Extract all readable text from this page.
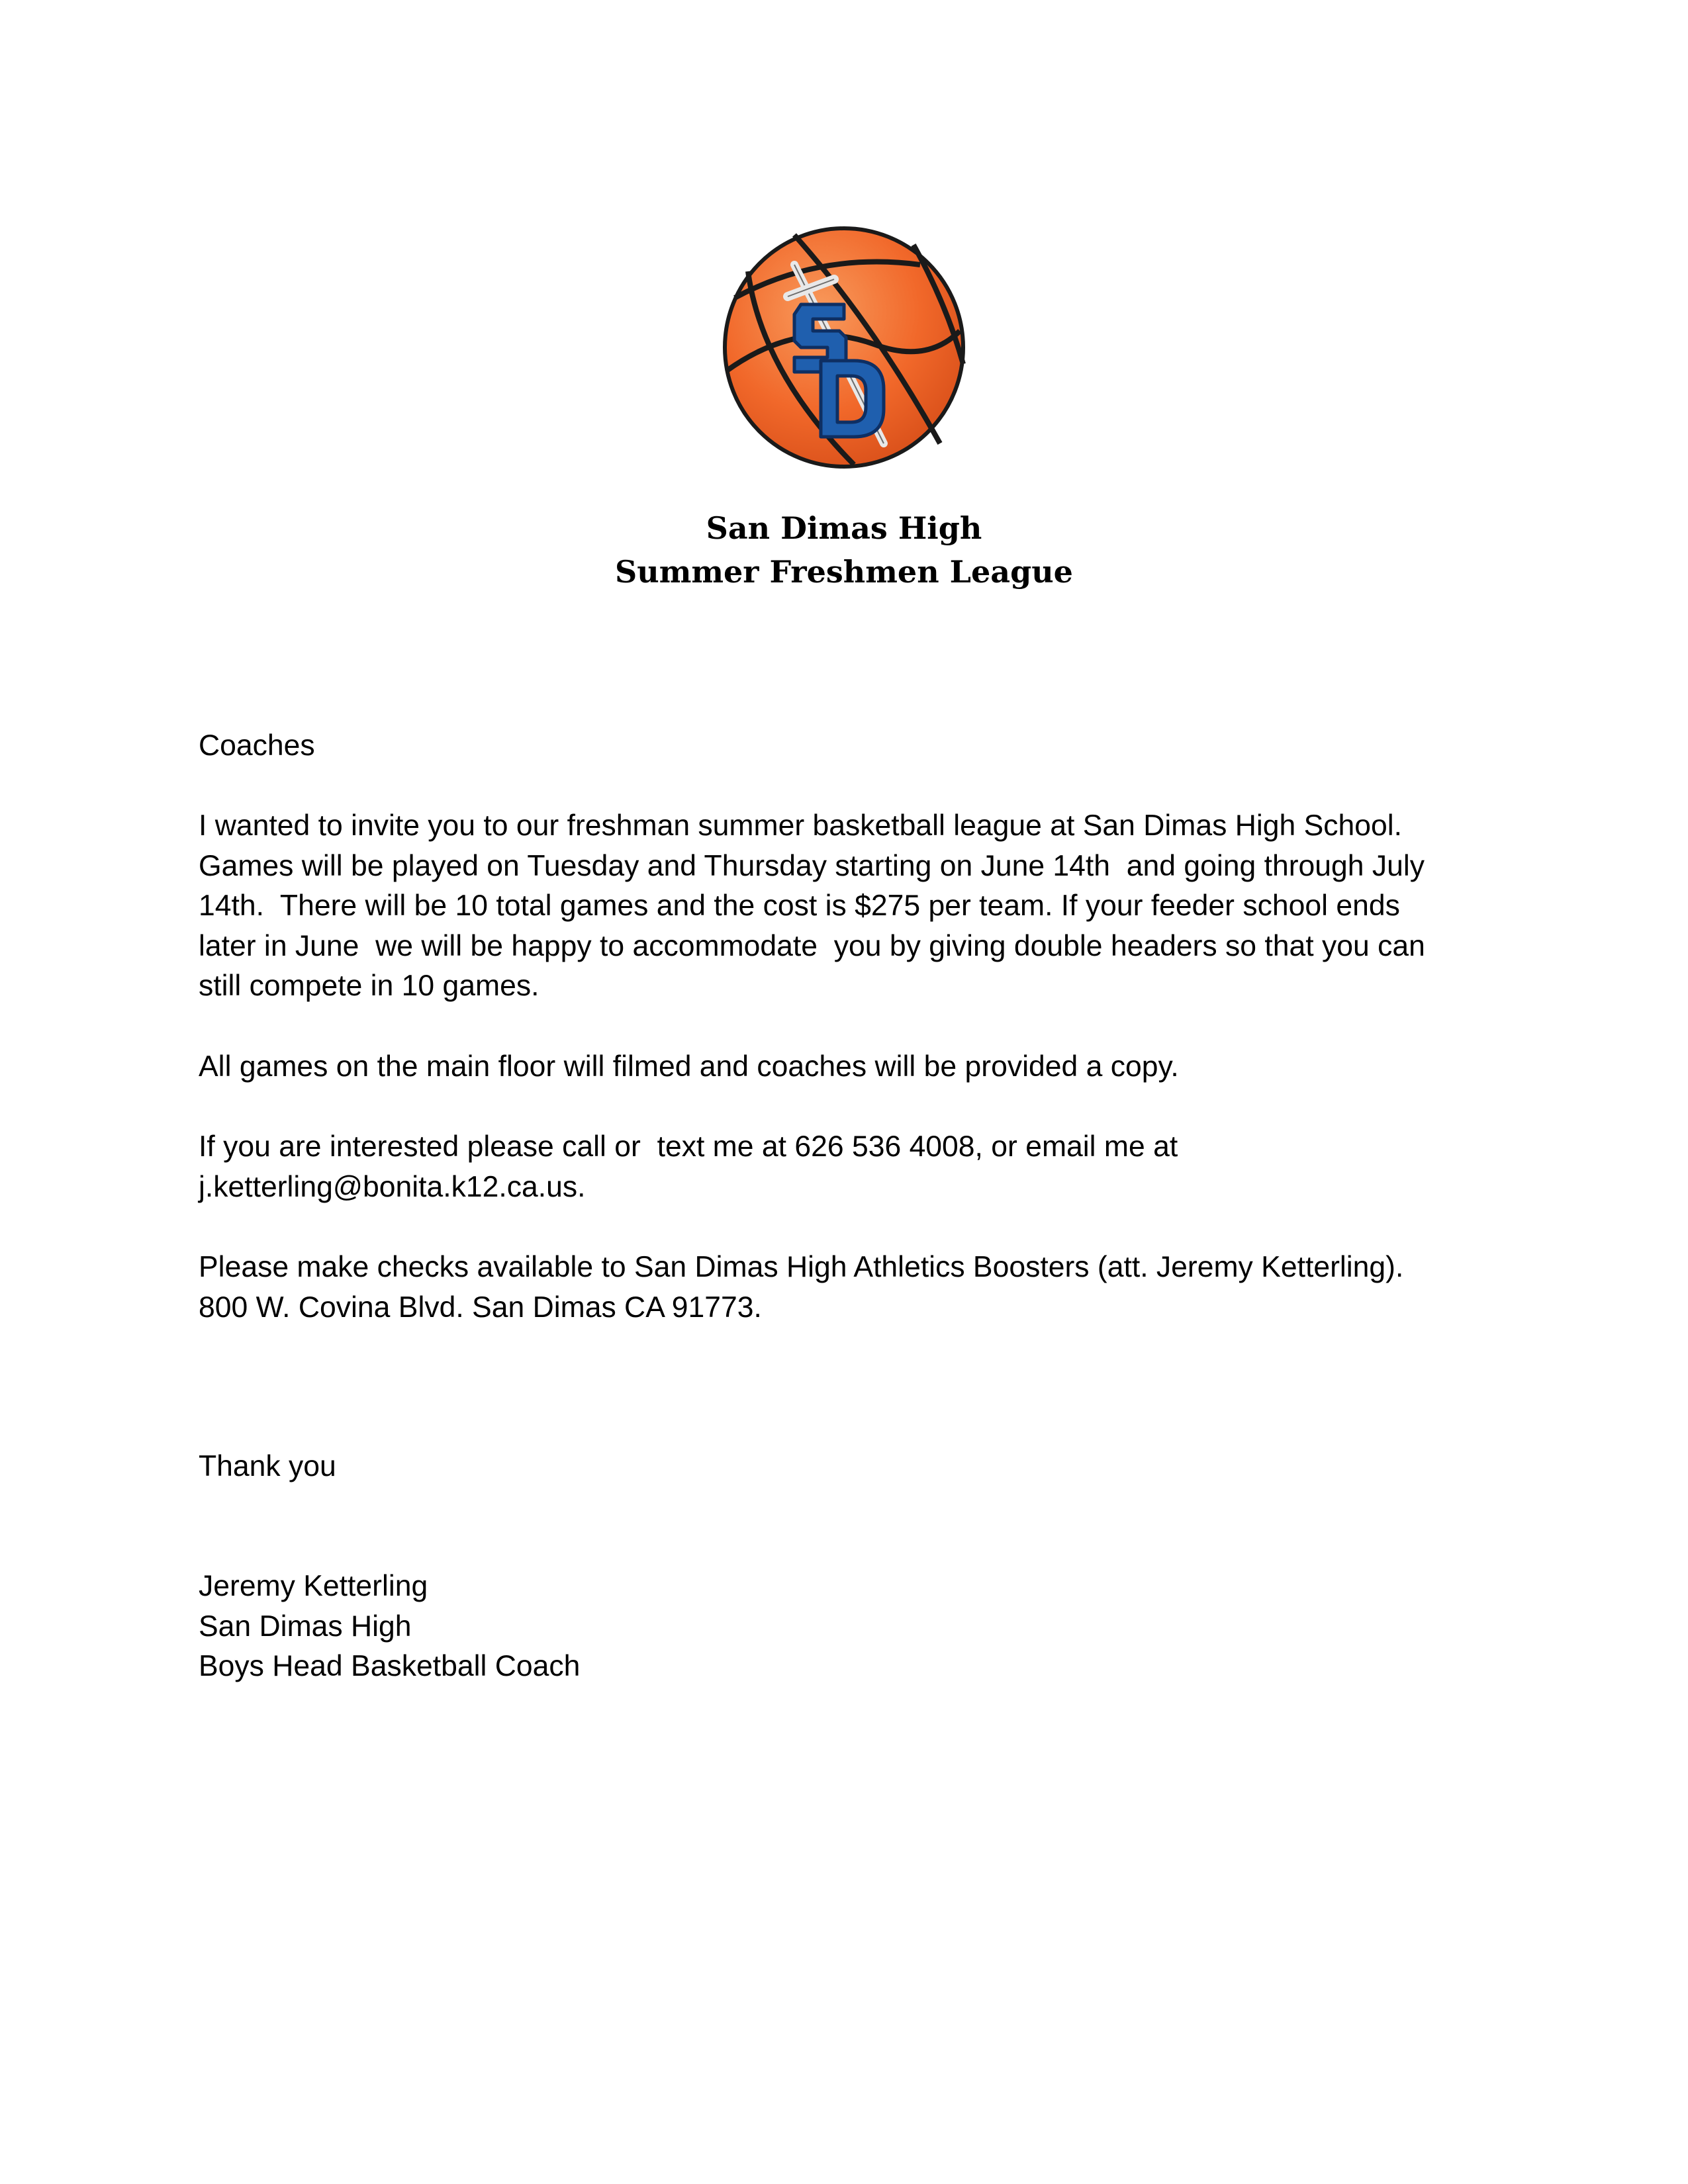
San Dimas High
Summer Freshmen League
Coaches
I wanted to invite you to our freshman summer basketball league at San Dimas High School.
Games will be played on Tuesday and Thursday starting on June 14th  and going through July
14th.  There will be 10 total games and the cost is $275 per team. If your feeder school ends
later in June  we will be happy to accommodate  you by giving double headers so that you can
still compete in 10 games.
All games on the main floor will filmed and coaches will be provided a copy.
If you are interested please call or  text me at 626 536 4008, or email me at
j.ketterling@bonita.k12.ca.us.
Please make checks available to San Dimas High Athletics Boosters (att. Jeremy Ketterling).
800 W. Covina Blvd. San Dimas CA 91773.
Thank you
Jeremy Ketterling
San Dimas High
Boys Head Basketball Coach
